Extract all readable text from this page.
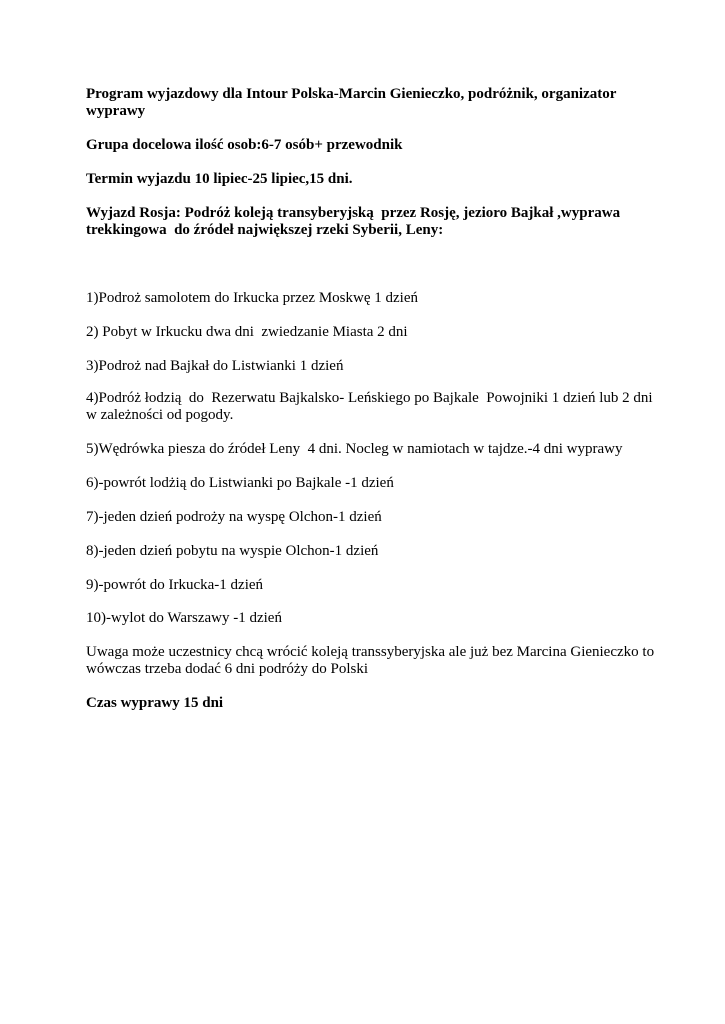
Program wyjazdowy dla Intour Polska-Marcin Gienieczko, podróżnik, organizator wyprawy

Grupa docelowa ilość osob:6-7 osób+ przewodnik

Termin wyjazdu 10 lipiec-25 lipiec,15 dni.

Wyjazd Rosja: Podróż koleją transyberyjską  przez Rosję, jezioro Bajkał ,wyprawa trekkingowa  do źródeł największej rzeki Syberii, Leny:

1)Podroż samolotem do Irkucka przez Moskwę 1 dzień

2) Pobyt w Irkucku dwa dni  zwiedzanie Miasta 2 dni

3)Podroż nad Bajkał do Listwianki 1 dzień

4)Podróż łodzią  do  Rezerwatu Bajkalsko- Leńskiego po Bajkale  Powojniki 1 dzień lub 2 dni w zależności od pogody.

5)Wędrówka piesza do źródeł Leny  4 dni. Nocleg w namiotach w tajdze.-4 dni wyprawy

6)-powrót lodżią do Listwianki po Bajkale -1 dzień

7)-jeden dzień podroży na wyspę Olchon-1 dzień

8)-jeden dzień pobytu na wyspie Olchon-1 dzień

9)-powrót do Irkucka-1 dzień

10)-wylot do Warszawy -1 dzień

Uwaga może uczestnicy chcą wrócić koleją transsyberyjska ale już bez Marcina Gienieczko to wówczas trzeba dodać 6 dni podróży do Polski

Czas wyprawy 15 dni
